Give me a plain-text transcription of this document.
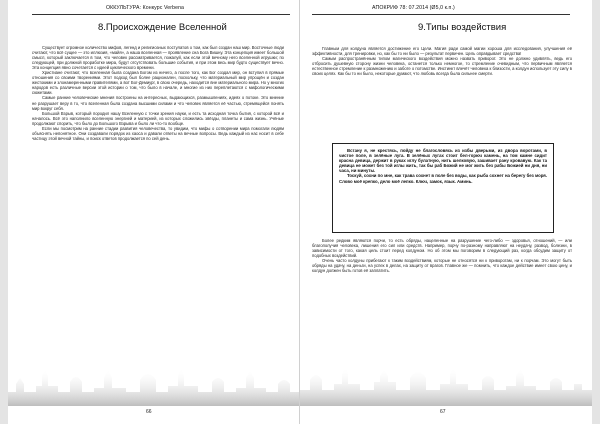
ОККУЛЬТУРА: Конкурс Verbena
8.Происхождение Вселенной

Существует огромное количество мифов, легенд и религиозных постулатов о том, как был создан наш мир. Восточные люди считают, что всё сущее — это иллюзия, «майя», а наша вселенная — проявление сна Бога Вишну. Эта концепция имеет большой смысл, который заключается в том, что человек рассматривается, пожалуй, как если этой вечному него вселенной игрушки; по следующей, при должной проработке мира, будут отсутствовать большие события, и при этом весь мир будто существует вечно. Эта концепция явно сочетается с идеей циклического времени.

Христиане считают, что вселенная была создана Богом из ничего, а после того, как Бог создал мир, он вступил в прямые отношения со своими творениями. Этот подход был более рационален, поскольку, что материальный мир упрощён и создан жестокими и злонамеренными правителями, а вот Бог-Демиург, в свою очередь, находится вне материального мира. Но у многих народов есть различные версии этой истории о том, что было в начале, и многие из них переплетаются с мифологическими сюжетами.

Самые ранние человеческие мнения построены на интересных, выдающихся, размышлениях, идеях о потоке. Это мнение не разрушает веру в то, что вселенная была создана высшими силами и что человек является её частью, стремящейся понять мир вокруг себя.

Большой Взрыв, который породил нашу Вселенную с точки зрения науки, и есть та исходная точка бытия, с которой всё и началось. Всё это наполнило вселенную энергией и материей, из которых сложились звёзды, планеты и сама жизнь. Учёные продолжают спорить, что было до Большого Взрыва и было ли что-то вообще.

Если мы посмотрим на ранние стадии развития человечества, то увидим, что мифы о сотворении мира помогали людям объяснять непонятное. Они создавали порядок из хаоса и давали ответы на вечные вопросы. Ведь каждый из нас носит в себе частицу этой вечной тайны, и поиск ответов продолжается по сей день.

66
АПОКРИФ 78: 07.2014 (Ø5,0 к.п.)
9.Типы воздействия

Главным для колдуна является достижение его Цели. Магия ради самой магии хороша для исследования, улучшения её эффективности, для тренировки, но, как бы то ни было — результат первичен. Цель оправдывает средства!

Самым распространённым типом магического воздействия можно назвать приворот. Это не должно удивлять, ведь его отбросить душевную сторону жизни человека, останется только немногое, то стремление очевидным, что первичным является естественное стремление к размножению и заботе о потомстве. Инстинкт влечёт человека к близости, а колдун использует эту силу в своих целях. Как бы то ни было, некоторые думают, что любовь всегда была сильнее смерти.

Встану я, не крестясь, пойду не благословясь из избы дверьми, из двора воротами, в чистое поле, в зелёные луга. В зелёных лугах стоит бел-горюч камень, на том камне сидит красна девица, держит в руках иглу булатную, нить шелковую, зашивает рану кровавую. Как та девица не может без той иглы жить, так бы раб Божий не мог жить без рабы Божией ни дня, ни часа, ни минуты.

Тоскуй, сохни по мне, как трава сохнет в поле без воды, как рыба сохнет на берегу без моря. Слово моё крепко, дело моё лепко. Ключ, замок, язык. Аминь.

Более редким являются порчи, то есть обряды, нацеленные на разрушение чего-либо — здоровья, отношений, — или благополучия человека, лишения его сил или средств. Например, порчу по-разному направляют на неудачу, развод, болезни, в зависимости от того, какая цель стоит перед колдуном. Но об этом мы поговорим в следующий раз, когда обсудим защиту от подобных воздействий.

Очень часто колдуны прибегают к таким воздействиям, которые не относятся ни к приворотам, ни к порчам. Это могут быть обряды на удачу, на деньги, на успех в делах, на защиту от врагов. Главное же — помнить, что каждое действие имеет свою цену, и колдун должен быть готов её заплатить.

67
